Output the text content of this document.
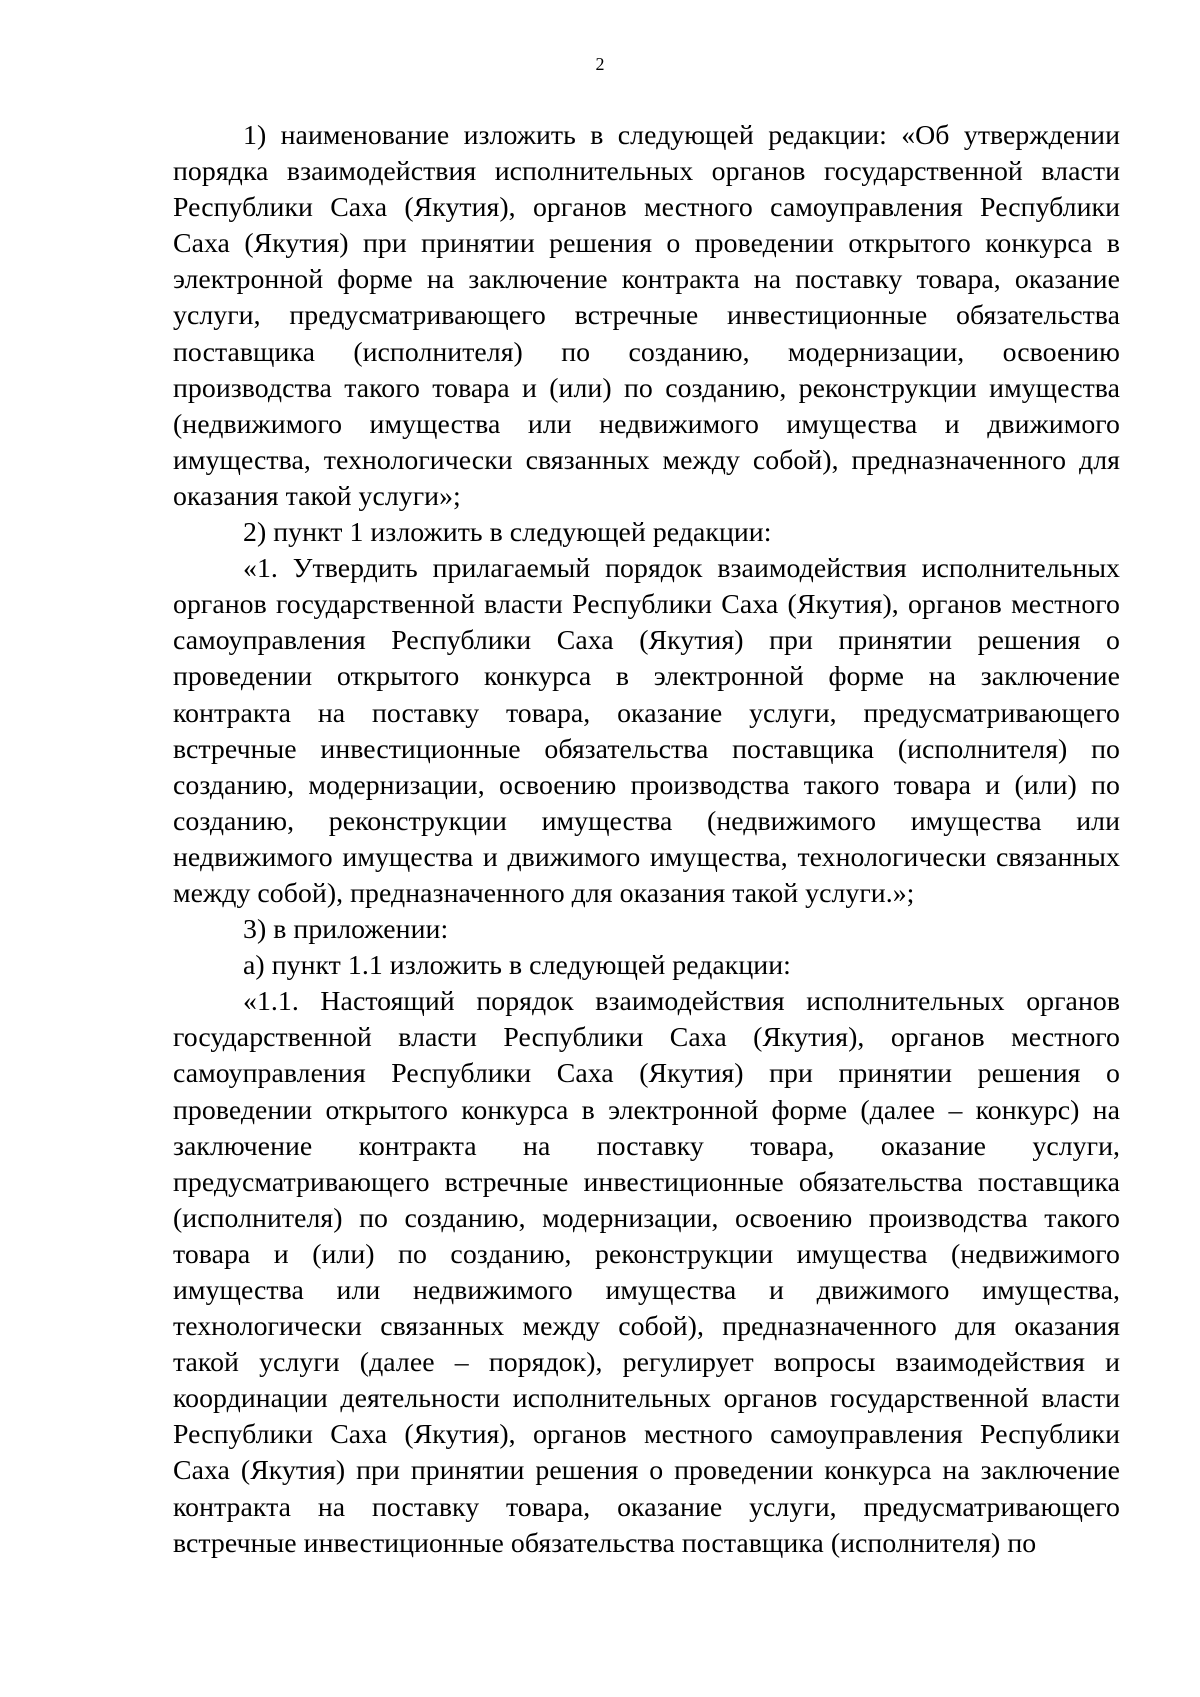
2

1) наименование изложить в следующей редакции: «Об утверждении порядка взаимодействия исполнительных органов государственной власти Республики Саха (Якутия), органов местного самоуправления Республики Саха (Якутия) при принятии решения о проведении открытого конкурса в электронной форме на заключение контракта на поставку товара, оказание услуги, предусматривающего встречные инвестиционные обязательства поставщика (исполнителя) по созданию, модернизации, освоению производства такого товара и (или) по созданию, реконструкции имущества (недвижимого имущества или недвижимого имущества и движимого имущества, технологически связанных между собой), предназначенного для оказания такой услуги»;

2) пункт 1 изложить в следующей редакции:

«1. Утвердить прилагаемый порядок взаимодействия исполнительных органов государственной власти Республики Саха (Якутия), органов местного самоуправления Республики Саха (Якутия) при принятии решения о проведении открытого конкурса в электронной форме на заключение контракта на поставку товара, оказание услуги, предусматривающего встречные инвестиционные обязательства поставщика (исполнителя) по созданию, модернизации, освоению производства такого товара и (или) по созданию, реконструкции имущества (недвижимого имущества или недвижимого имущества и движимого имущества, технологически связанных между собой), предназначенного для оказания такой услуги.»;

3) в приложении:

а) пункт 1.1 изложить в следующей редакции:

«1.1. Настоящий порядок взаимодействия исполнительных органов государственной власти Республики Саха (Якутия), органов местного самоуправления Республики Саха (Якутия) при принятии решения о проведении открытого конкурса в электронной форме (далее – конкурс) на заключение контракта на поставку товара, оказание услуги, предусматривающего встречные инвестиционные обязательства поставщика (исполнителя) по созданию, модернизации, освоению производства такого товара и (или) по созданию, реконструкции имущества (недвижимого имущества или недвижимого имущества и движимого имущества, технологически связанных между собой), предназначенного для оказания такой услуги (далее – порядок), регулирует вопросы взаимодействия и координации деятельности исполнительных органов государственной власти Республики Саха (Якутия), органов местного самоуправления Республики Саха (Якутия) при принятии решения о проведении конкурса на заключение контракта на поставку товара, оказание услуги, предусматривающего встречные инвестиционные обязательства поставщика (исполнителя) по
